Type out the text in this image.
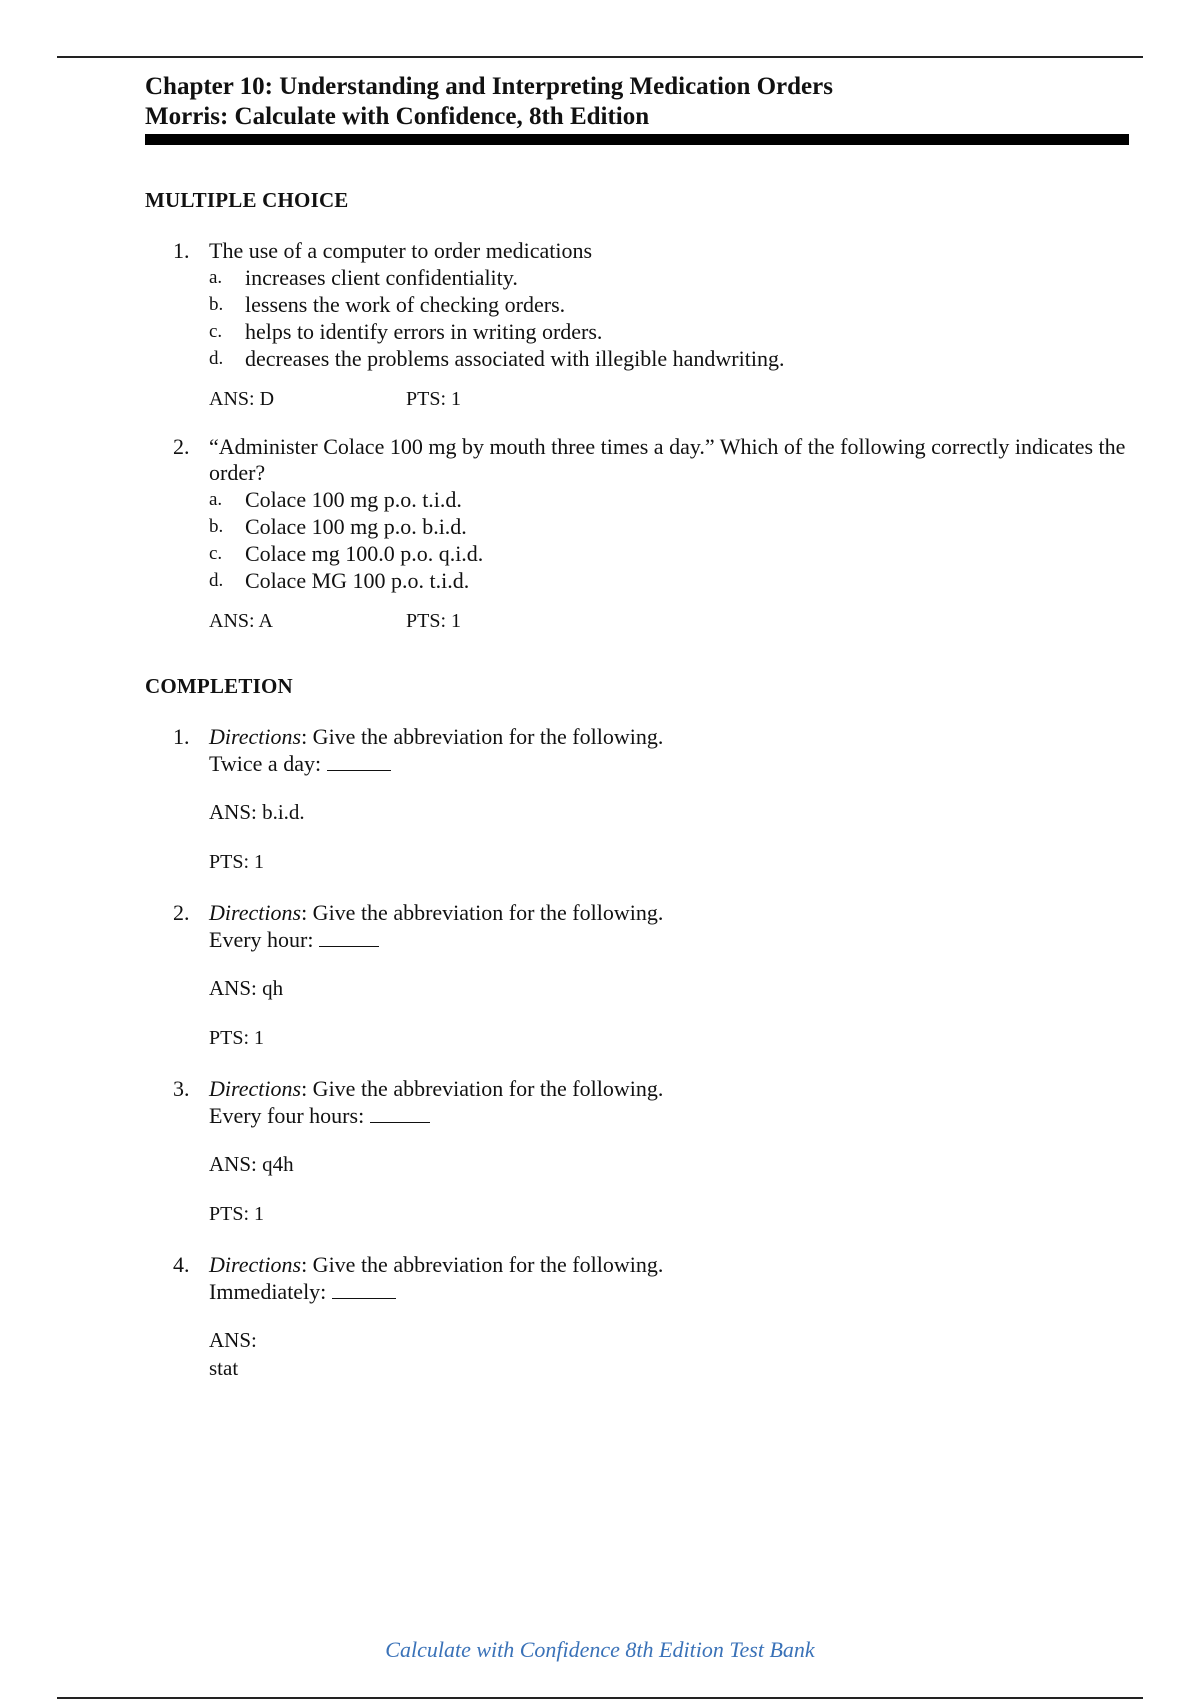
Chapter 10: Understanding and Interpreting Medication Orders

Morris: Calculate with Confidence, 8th Edition

MULTIPLE CHOICE
1. The use of a computer to order medications
a. increases client confidentiality.
b. lessens the work of checking orders.
c. helps to identify errors in writing orders.
d. decreases the problems associated with illegible handwriting.
ANS: D	PTS: 1
2. “Administer Colace 100 mg by mouth three times a day.” Which of the following correctly indicates the order?
a. Colace 100 mg p.o. t.i.d.
b. Colace 100 mg p.o. b.i.d.
c. Colace mg 100.0 p.o. q.i.d.
d. Colace MG 100 p.o. t.i.d.
ANS: A	PTS: 1
COMPLETION
1. Directions: Give the abbreviation for the following.
Twice a day:
ANS: b.i.d.
PTS: 1
2. Directions: Give the abbreviation for the following.
Every hour:
ANS: qh
PTS: 1
3. Directions: Give the abbreviation for the following.
Every four hours:
ANS: q4h
PTS: 1
4. Directions: Give the abbreviation for the following.
Immediately:
ANS:
stat
Calculate with Confidence 8th Edition Test Bank
